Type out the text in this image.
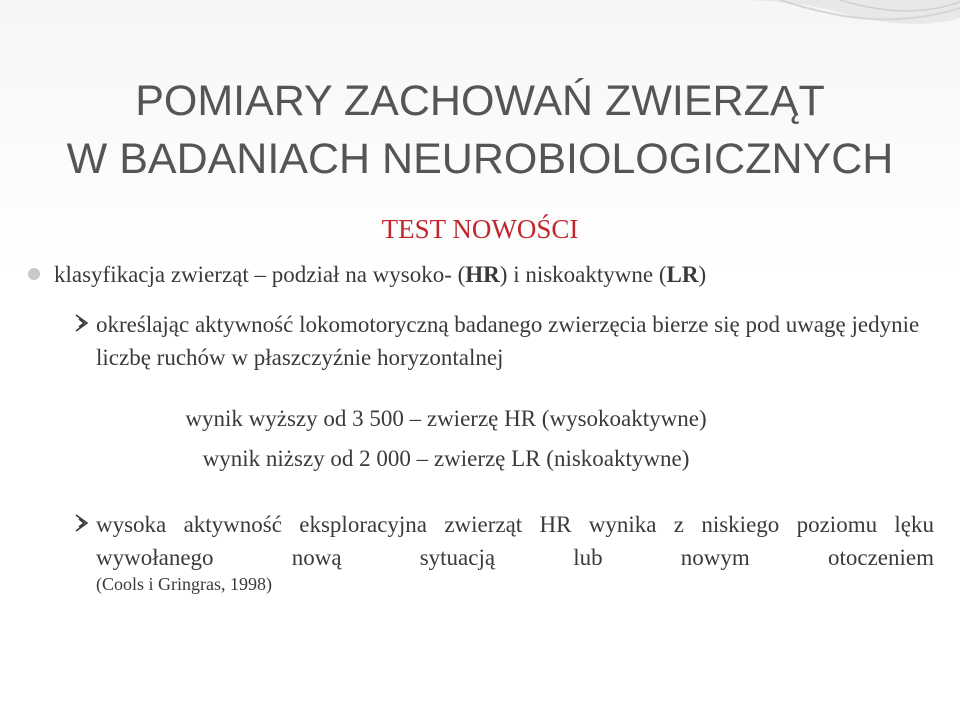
POMIARY ZACHOWAŃ ZWIERZĄT
W BADANIACH NEUROBIOLOGICZNYCH
TEST NOWOŚCI
klasyfikacja zwierząt – podział na wysoko- (HR) i niskoaktywne (LR)
określając aktywność lokomotoryczną badanego zwierzęcia bierze się pod uwagę jedynie liczbę ruchów w płaszczyźnie horyzontalnej
wynik wyższy od 3 500 – zwierzę HR (wysokoaktywne)
wynik niższy od 2 000 – zwierzę LR (niskoaktywne)
wysoka aktywność eksploracyjna zwierząt HR wynika z niskiego poziomu lęku wywołanego nową sytuacją lub nowym otoczeniem
(Cools i Gringras, 1998)
